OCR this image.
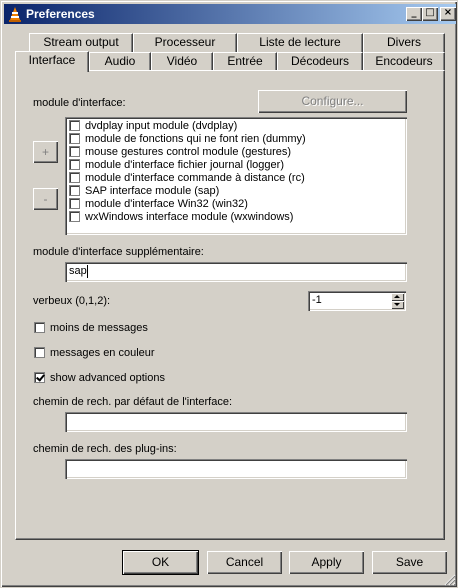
Preferences	_ □ ×
Stream output	Processeur	Liste de lecture	Divers
Interface	Audio	Vidéo	Entrée	Décodeurs	Encodeurs
module d'interface:	Configure...
+
-
dvdplay input module (dvdplay)
module de fonctions qui ne font rien (dummy)
mouse gestures control module (gestures)
module d'interface fichier journal (logger)
module d'interface commande à distance (rc)
SAP interface module (sap)
module d'interface Win32 (win32)
wxWindows interface module (wxwindows)
module d'interface supplémentaire:
sap
verbeux (0,1,2):	-1
moins de messages
messages en couleur
show advanced options
chemin de rech. par défaut de l'interface:
chemin de rech. des plug-ins:
OK	Cancel	Apply	Save
